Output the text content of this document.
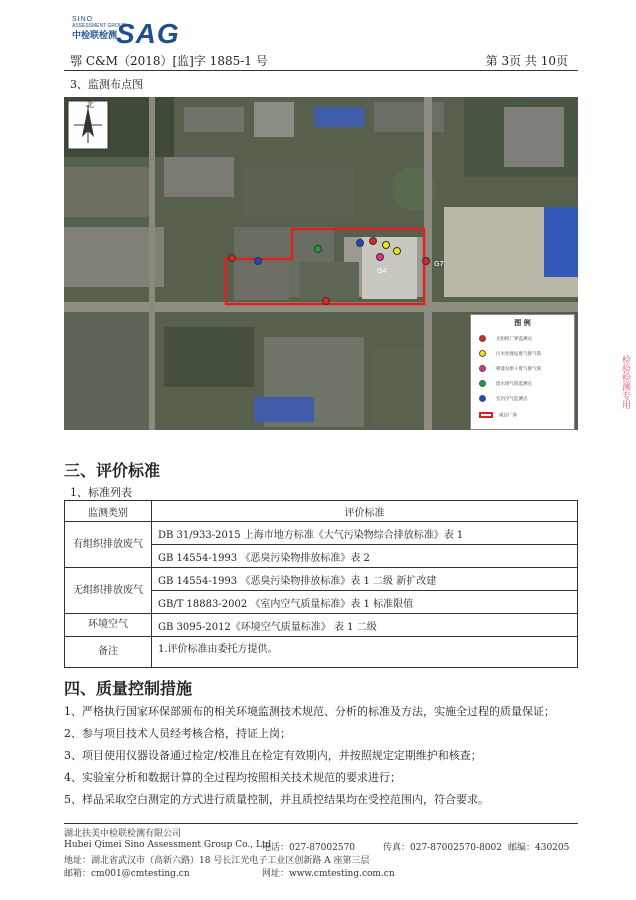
SINO
ASSESSMENT GROUP
中检联检测
SAG
鄂 C&M（2018）[监]字 1885-1 号	第 3页 共 10页
3、监测布点图
G4
G7
北
图 例
无组织厂界监测点
污水处理站废气排气筒
喷漆及烘干废气排气筒
废水排气筒监测点
室内空气监测点
项目厂界
三、评价标准
1、标准列表
监测类别	评价标准
有组织排放废气	DB 31/933-2015 上海市地方标准《大气污染物综合排放标准》表 1
	GB 14554-1993 《恶臭污染物排放标准》表 2
无组织排放废气	GB 14554-1993 《恶臭污染物排放标准》表 1 二级 新扩改建
	GB/T 18883-2002 《室内空气质量标准》表 1 标准限值
环境空气	GB 3095-2012《环境空气质量标准》 表 1 二级
备注	1.评价标准由委托方提供。
四、质量控制措施
1、严格执行国家环保部颁布的相关环境监测技术规范、分析的标准及方法，实施全过程的质量保证；
2、参与项目技术人员经考核合格，持证上岗；
3、项目使用仪器设备通过检定/校准且在检定有效期内，并按照规定定期维护和核查；
4、实验室分析和数据计算的全过程均按照相关技术规范的要求进行；
5、样品采取空白测定的方式进行质量控制，并且质控结果均在受控范围内，符合要求。
湖北扶美中检联检测有限公司
Hubei Qimei Sino Assessment Group Co., Ltd
电话：027-87002570	传真：027-87002570-8002 邮编：430205
地址：湖北省武汉市（高新六路）18 号长江光电子工业区创新路 A 座第三层
邮箱：cm001@cmtesting.cn	网址：www.cmtesting.com.cn
检验检测专用
